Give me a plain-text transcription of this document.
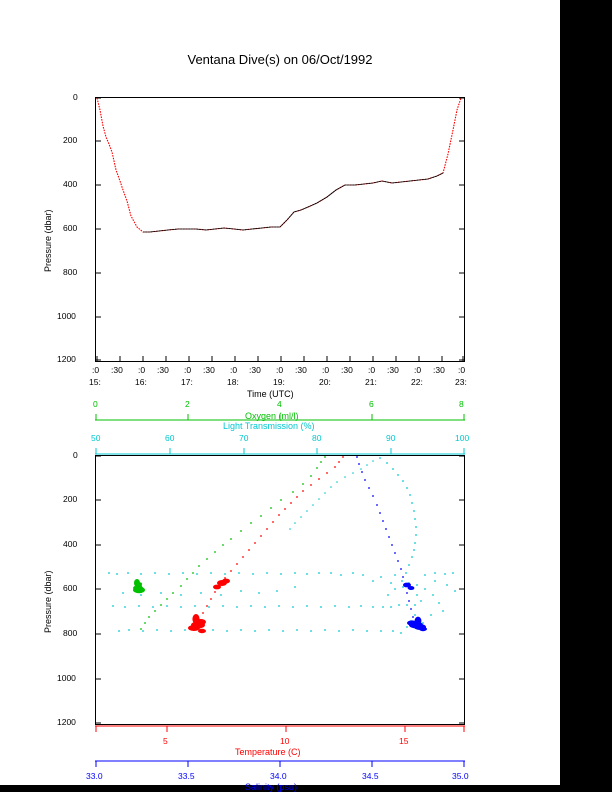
Ventana Dive(s) on 06/Oct/1992
0
200
400
600
800
1000
1200
:0 :30 :0 :30 :0 :30 :0 :30 :0 :30 :0 :30 :0 :30 :0 :30 :0
15:	16:	17:	18:	19:	20:	21:	22:	23:
Time (UTC)
Pressure (dbar)
0	2	4	6	8
Oxygen (ml/l)
50	60	70	80	90	100
Light Transmission (%)
0
200
400
600
800
1000
1200
Pressure (dbar)
5	10	15
Temperature (C)
33.0	33.5	34.0	34.5	35.0
Salinity (psu)
